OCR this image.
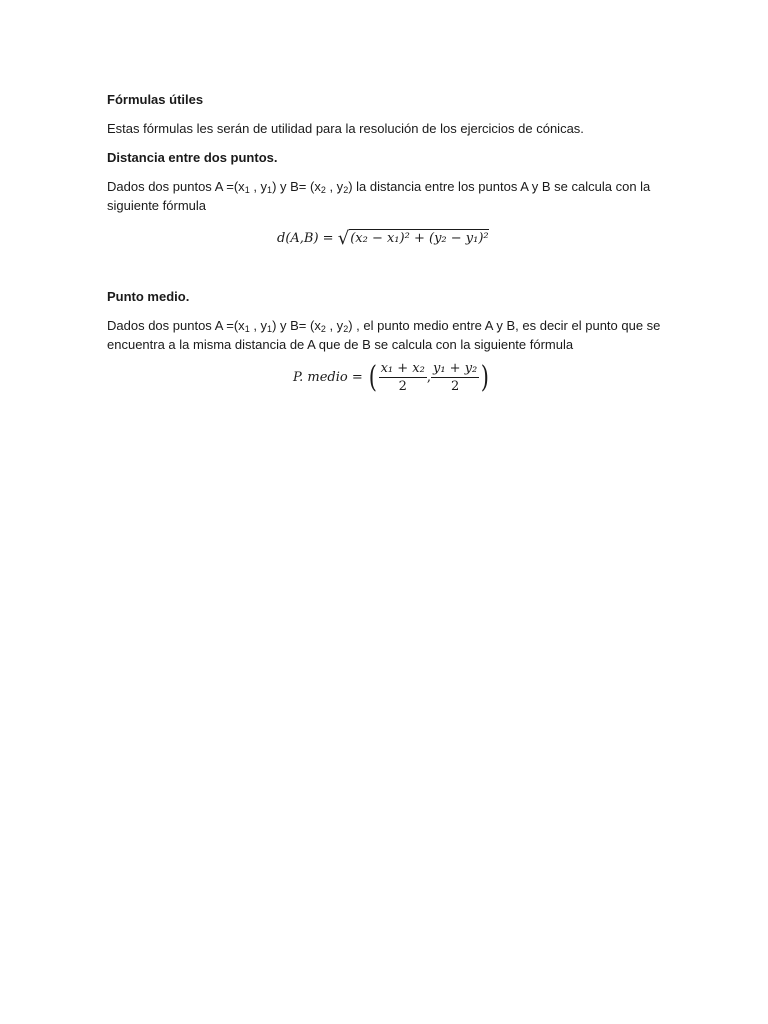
Fórmulas útiles
Estas fórmulas les serán de utilidad para la resolución de los ejercicios de cónicas.
Distancia entre dos puntos.
Dados dos puntos $A =(x_1$ , $y_1$) y $B= (x_2$ , $y_2$) la distancia entre los puntos A y B se calcula con la
siguiente fórmula
d(A,B) = √(x₂ − x₁)² + (y₂ − y₁)²
Punto medio.
Dados dos puntos $A =(x_1$ , $y_1$) y $B= (x_2$ , $y_2$) , el punto medio entre A y B, es decir el punto que se
encuentra a la misma distancia de A que de B se calcula con la siguiente fórmula
P. medio = ( $\frac{\text{x₁ + x₂}}{2}$ , $\frac{\text{y₁ + y₂}}{2}$ )
